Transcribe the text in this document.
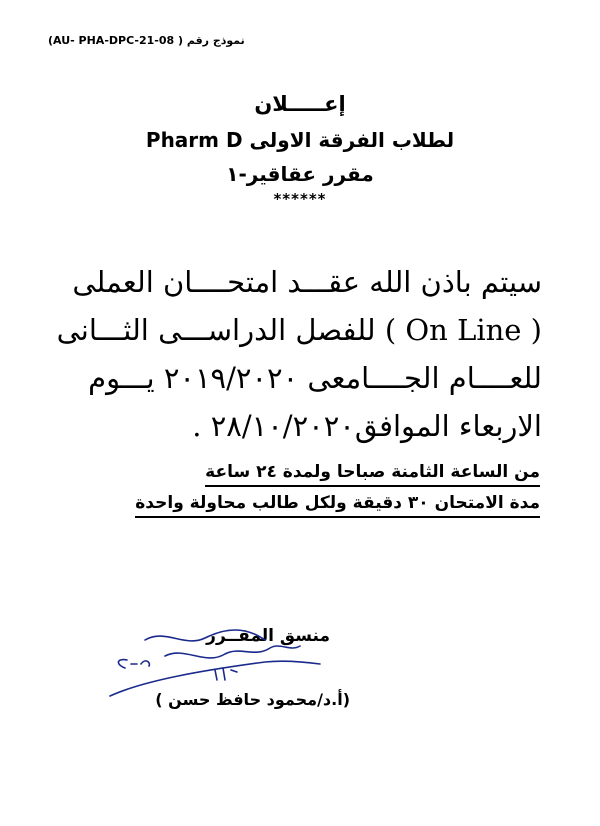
نموذج رقم ( AU- PHA-DPC-21-08)
إعـــــلان
لطلاب الفرقة الاولى Pharm D
مقرر عقاقير-١
******
سيتم باذن الله عقـــد امتحــــان العملى
( On Line ) للفصل الدراســـى الثـــانى
للعــــام الجــــامعى ٢٠١٩/٢٠٢٠ يـــوم
الاربعاء الموافق٢٨/١٠/٢٠٢٠ .
من الساعة الثامنة صباحا ولمدة ٢٤ ساعة
مدة الامتحان ٣٠ دقيقة ولكل طالب محاولة واحدة
منسق المقــرر
(أ.د/محمود حافظ حسن )
